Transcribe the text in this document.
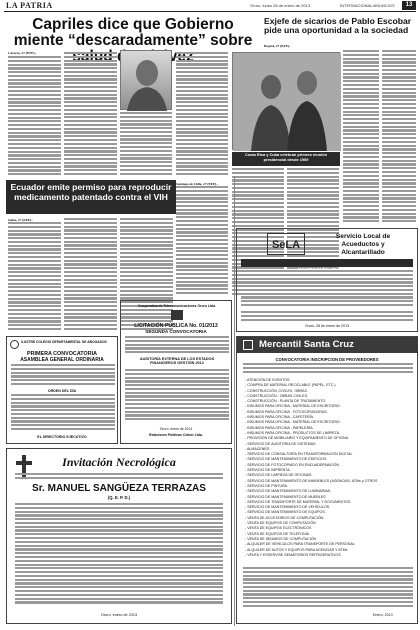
LA PATRIA	Oruro, lunes 28 de enero de 2013	INTERNACIONAL/ANUNCIOS	13
Capriles dice que Gobierno miente “descaradamente” sobre
Caracas, 27 (EFE).-
Costa Rica y Cuba celebran primera reunión presidencial desde 1959
Exjefe de sicarios de Pablo Escobar pide una oportunidad a la sociedad
Bogotá, 27 (EFE).-
Ecuador emite permiso para reproducir medicamento patentado contra el VIH
Quito, 27 (EFE).-
Santiago de Chile, 27 (EFE).-
ILUSTRE COLEGIO DEPARTAMENTAL DE ABOGADOS
PRIMERA CONVOCATORIA
ASAMBLEA GENERAL ORDINARIA
ORDEN DEL DÍA
EL DIRECTORIO EJECUTIVO
Cooperativa de Telecomunicaciones Oruro Ltda.
LICITACIÓN PÚBLICA No. 01/2013
SEGUNDA CONVOCATORIA
AUDITORÍA EXTERNA DE LOS ESTADOS FINANCIEROS GESTIÓN 2012
Oruro, enero de 2013
Relaciones Públicas Coteor Ltda.
SeLA
Servicio Local de
Acueductos y
Alcantarillado
Oruro, 28 de enero de 2013
Invitación Necrológica
Sr. MANUEL SANGÜEZA TERRAZAS
(Q. E. P. D.)
Oruro, enero de 2013
Mercantil Santa Cruz
CONVOCATORIA INSCRIPCION DE PROVEEDORES
- ATENCIÓN DE EVENTOS.
- COMPRA DE MATERIAL RECICLABLE (PAPEL, ETC.)
- CONSTRUCCIÓN, CIVILES, OBRAS.
- CONSTRUCCIÓN - OBRAS CIVILES.
- CONSTRUCCIÓN - PLANTA DE TRATAMIENTO
- INSUMOS PARA OFICINA - MATERIAL DE ESCRITORIO.
- INSUMOS PARA OFICINA - FOTOCOPIADORAS.
- INSUMOS PARA OFICINA - CAFETERÍA.
- INSUMOS PARA OFICINA - MATERIAL DE ESCRITORIO.
- INSUMOS PARA OFICINA - PAPELERÍA.
- INSUMOS PARA OFICINA - PRODUCTOS DE LIMPIEZA.
- PROVISIÓN DE MOBILIARIO Y EQUIPAMIENTO DE OFICINA
- SERVICIO DE AUDITORIA DE SISTEMAS
- ALMACENES
- SERVICIO DE CONSULTORÍA EN TRANSFORMACIÓN DIGITAL
- SERVICIO DE MANTENIMIENTO DE EDIFICIOS
- SERVICIO DE FOTOCOPIADO EN ENCUADERNACIÓN.
- SERVICIO DE IMPRENTA.
- SERVICIO DE LIMPIEZA DE OFICINAS.
- SERVICIO DE MANTENIMIENTO DE INMUEBLES (AGENCIAS, ATMs y OTROS
- SERVICIO DE PINTURA.
- SERVICIO DE MANTENIMIENTO DE LUMINARIAS.
- SERVICIO DE MANTENIMIENTO DE MUEBLES.
- SERVICIO DE TRANSPORTE DE MATERIAL Y DOCUMENTOS
- SERVICIO DE MANTENIMIENTO DE VEHÍCULOS.
- SERVICIO DE MANTENIMIENTO DE EQUIPOS.
- VENTA DE ACCESORIOS DE COMPUTACIÓN.
- VENTA DE EQUIPOS DE COMPUTACIÓN
- VENTA DE EQUIPOS ELECTRÓNICOS
- VENTA DE EQUIPOS DE TELEFONÍA
- VENTA DE INSUMOS DE COMPUTACIÓN
- ALQUILER DE VEHÍCULOS PARA TRANSPORTE DE PERSONAL
- ALQUILER DE AUTOS Y EQUIPOS PARA AGENCIAS Y ATMs
- VENTA Y ESSERVISE SEMÁFORIOS REFRIGERATIVOS
Enero, 2013
